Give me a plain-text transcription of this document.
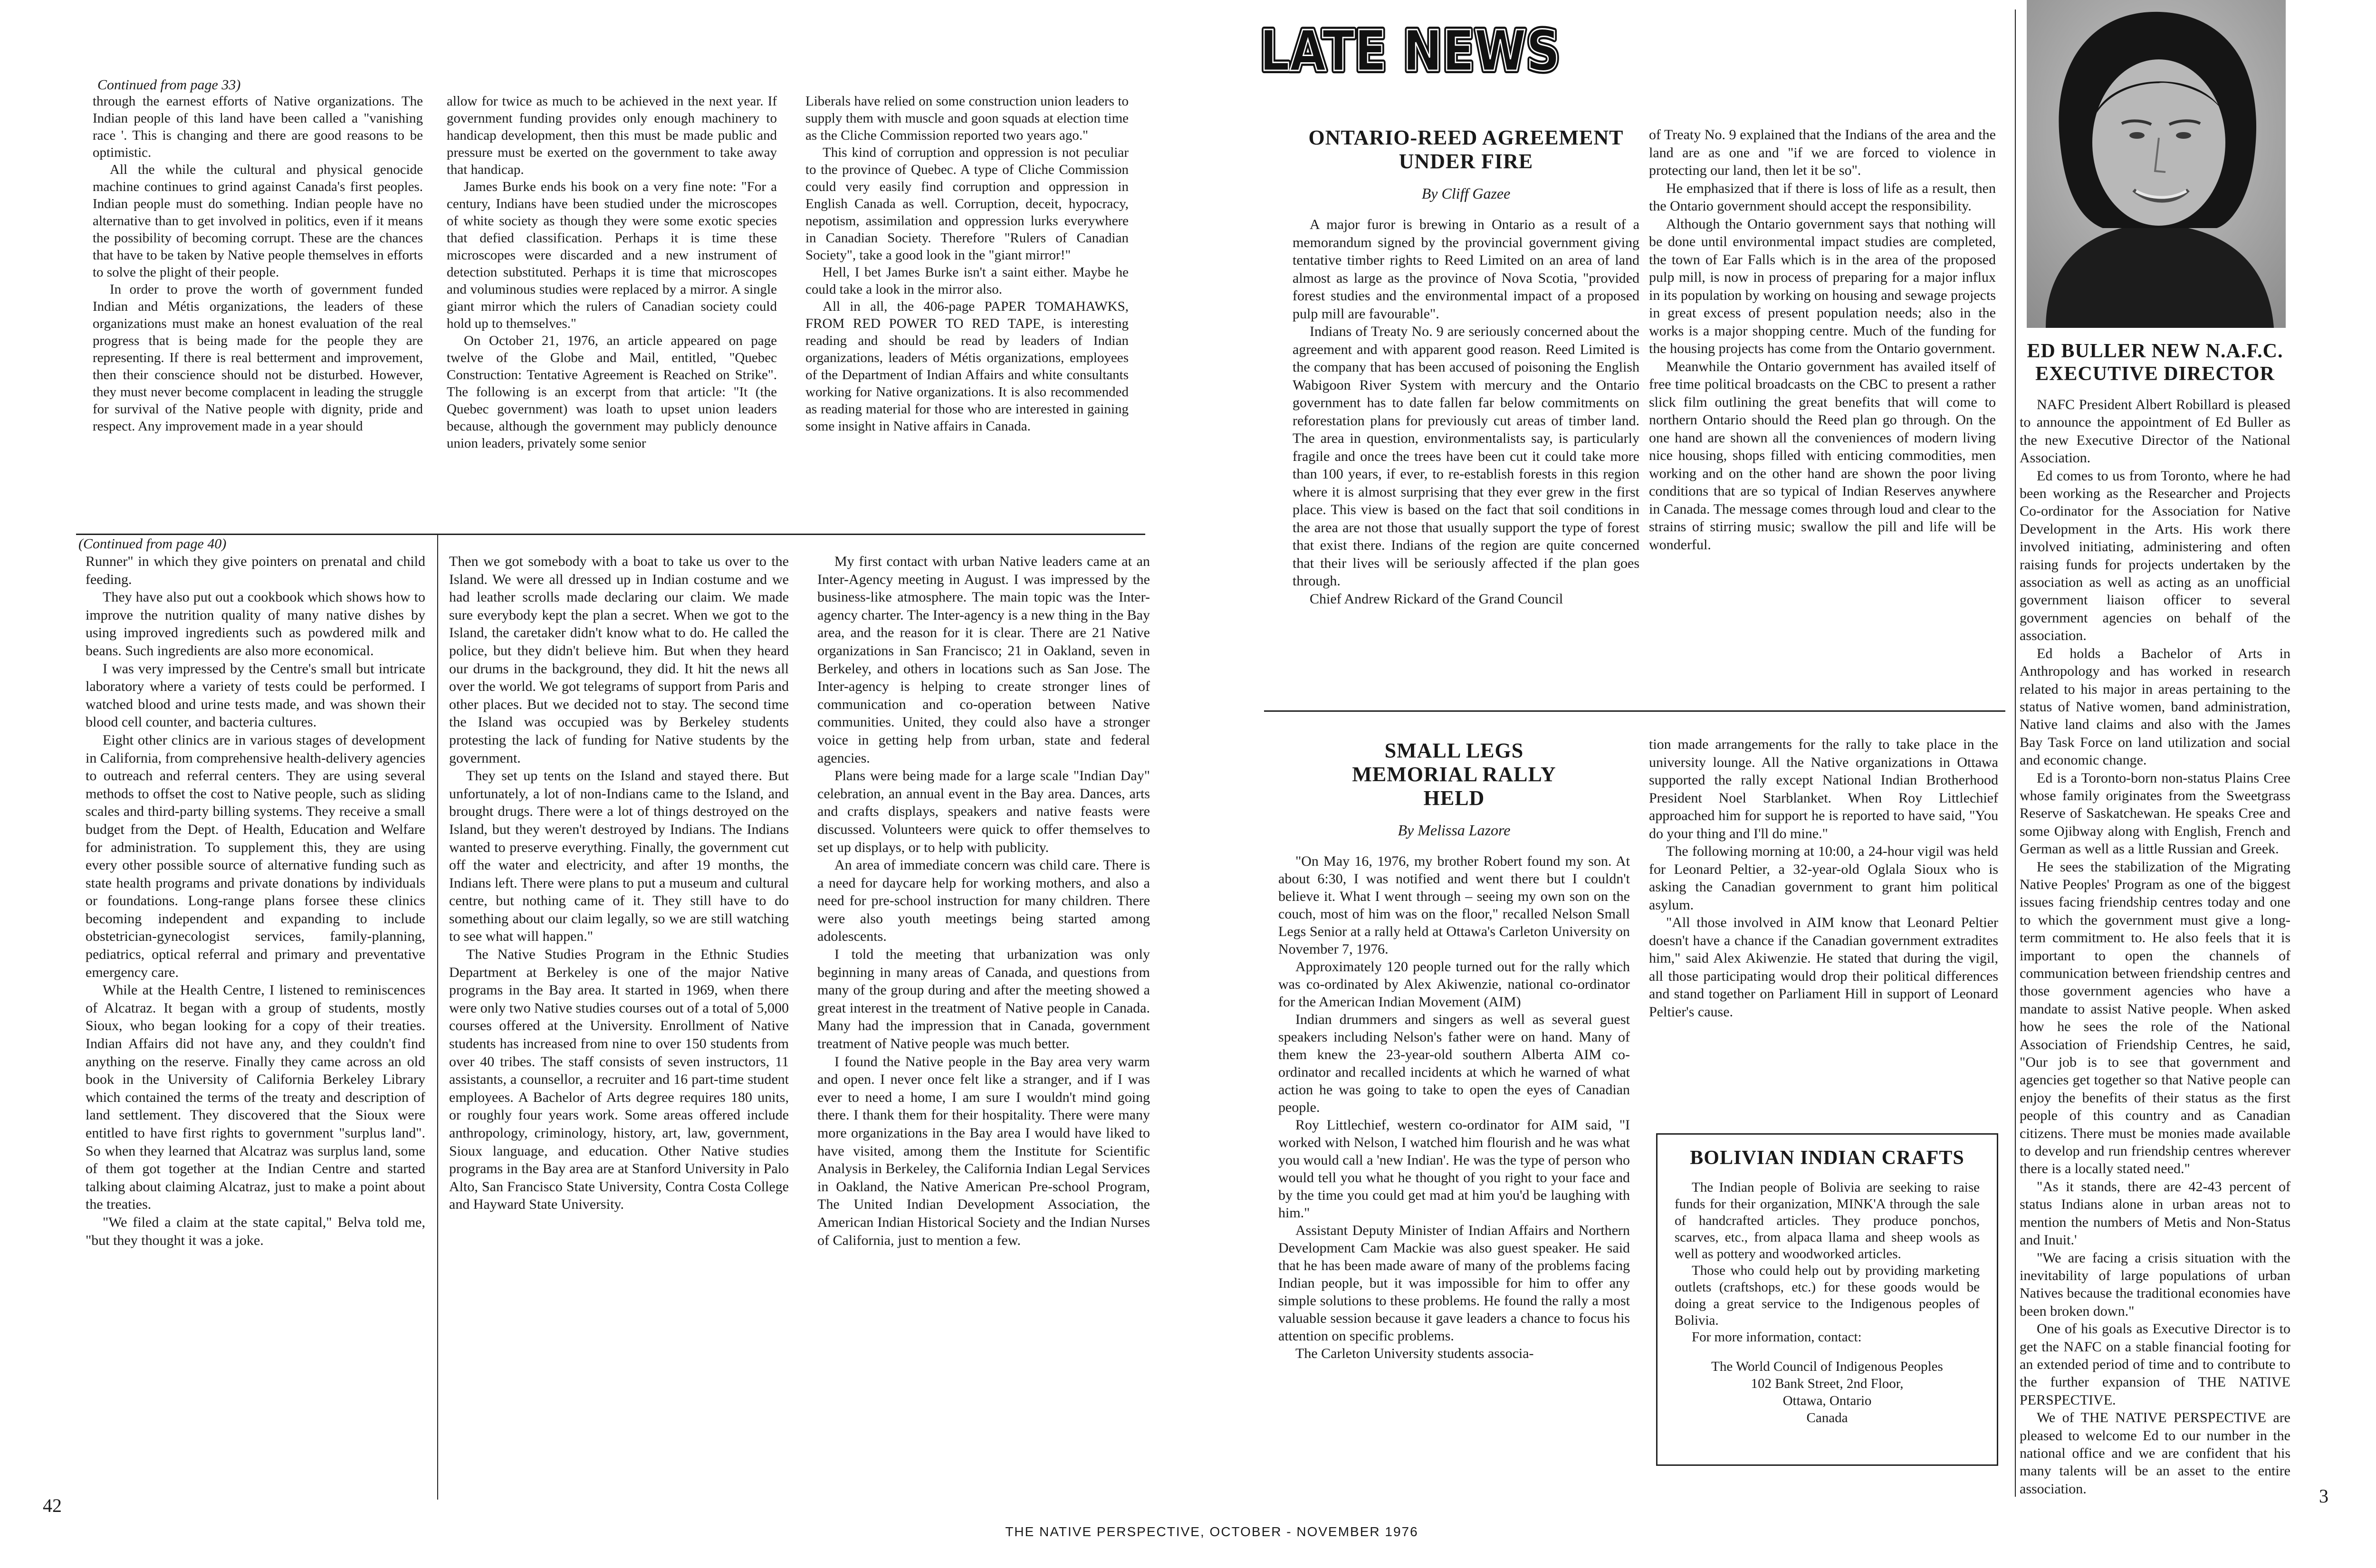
Continued from page 33)

through the earnest efforts of Native organizations. The Indian people of this land have been called a "vanishing race '. This is changing and there are good reasons to be optimistic.

All the while the cultural and physical genocide machine continues to grind against Canada's first peoples. Indian people must do something. Indian people have no alternative than to get involved in politics, even if it means the possibility of becoming corrupt. These are the chances that have to be taken by Native people themselves in efforts to solve the plight of their people.

In order to prove the worth of government funded Indian and Métis organizations, the leaders of these organizations must make an honest evaluation of the real progress that is being made for the people they are representing. If there is real betterment and improvement, then their conscience should not be disturbed. However, they must never become complacent in leading the struggle for survival of the Native people with dignity, pride and respect. Any improvement made in a year should

allow for twice as much to be achieved in the next year. If government funding provides only enough machinery to handicap development, then this must be made public and pressure must be exerted on the government to take away that handicap.

James Burke ends his book on a very fine note: "For a century, Indians have been studied under the microscopes of white society as though they were some exotic species that defied classification. Perhaps it is time these microscopes were discarded and a new instrument of detection substituted. Perhaps it is time that microscopes and voluminous studies were replaced by a mirror. A single giant mirror which the rulers of Canadian society could hold up to themselves."

On October 21, 1976, an article appeared on page twelve of the Globe and Mail, entitled, "Quebec Construction: Tentative Agreement is Reached on Strike". The following is an excerpt from that article: "It (the Quebec government) was loath to upset union leaders because, although the government may publicly denounce union leaders, privately some senior

Liberals have relied on some construction union leaders to supply them with muscle and goon squads at election time as the Cliche Commission reported two years ago."

This kind of corruption and oppression is not peculiar to the province of Quebec. A type of Cliche Commission could very easily find corruption and oppression in English Canada as well. Corruption, deceit, hypocracy, nepotism, assimilation and oppression lurks everywhere in Canadian Society. Therefore "Rulers of Canadian Society", take a good look in the "giant mirror!"

Hell, I bet James Burke isn't a saint either. Maybe he could take a look in the mirror also.

All in all, the 406-page PAPER TOMAHAWKS, FROM RED POWER TO RED TAPE, is interesting reading and should be read by leaders of Indian organizations, leaders of Métis organizations, employees of the Department of Indian Affairs and white consultants working for Native organizations. It is also recommended as reading material for those who are interested in gaining some insight in Native affairs in Canada.

(Continued from page 40)

Runner" in which they give pointers on prenatal and child feeding.

They have also put out a cookbook which shows how to improve the nutrition quality of many native dishes by using improved ingredients such as powdered milk and beans. Such ingredients are also more economical.

I was very impressed by the Centre's small but intricate laboratory where a variety of tests could be performed. I watched blood and urine tests made, and was shown their blood cell counter, and bacteria cultures.

Eight other clinics are in various stages of development in California, from comprehensive health-delivery agencies to outreach and referral centers. They are using several methods to offset the cost to Native people, such as sliding scales and third-party billing systems. They receive a small budget from the Dept. of Health, Education and Welfare for administration. To supplement this, they are using every other possible source of alternative funding such as state health programs and private donations by individuals or foundations. Long-range plans forsee these clinics becoming independent and expanding to include obstetrician-gynecologist services, family-planning, pediatrics, optical referral and primary and preventative emergency care.

While at the Health Centre, I listened to reminiscences of Alcatraz. It began with a group of students, mostly Sioux, who began looking for a copy of their treaties. Indian Affairs did not have any, and they couldn't find anything on the reserve. Finally they came across an old book in the University of California Berkeley Library which contained the terms of the treaty and description of land settlement. They discovered that the Sioux were entitled to have first rights to government "surplus land". So when they learned that Alcatraz was surplus land, some of them got together at the Indian Centre and started talking about claiming Alcatraz, just to make a point about the treaties.

"We filed a claim at the state capital," Belva told me, "but they thought it was a joke.

Then we got somebody with a boat to take us over to the Island. We were all dressed up in Indian costume and we had leather scrolls made declaring our claim. We made sure everybody kept the plan a secret. When we got to the Island, the caretaker didn't know what to do. He called the police, but they didn't believe him. But when they heard our drums in the background, they did. It hit the news all over the world. We got telegrams of support from Paris and other places. But we decided not to stay. The second time the Island was occupied was by Berkeley students protesting the lack of funding for Native students by the government.

They set up tents on the Island and stayed there. But unfortunately, a lot of non-Indians came to the Island, and brought drugs. There were a lot of things destroyed on the Island, but they weren't destroyed by Indians. The Indians wanted to preserve everything. Finally, the government cut off the water and electricity, and after 19 months, the Indians left. There were plans to put a museum and cultural centre, but nothing came of it. They still have to do something about our claim legally, so we are still watching to see what will happen."

The Native Studies Program in the Ethnic Studies Department at Berkeley is one of the major Native programs in the Bay area. It started in 1969, when there were only two Native studies courses out of a total of 5,000 courses offered at the University. Enrollment of Native students has increased from nine to over 150 students from over 40 tribes. The staff consists of seven instructors, 11 assistants, a counsellor, a recruiter and 16 part-time student employees. A Bachelor of Arts degree requires 180 units, or roughly four years work. Some areas offered include anthropology, criminology, history, art, law, government, Sioux language, and education. Other Native studies programs in the Bay area are at Stanford University in Palo Alto, San Francisco State University, Contra Costa College and Hayward State University.

My first contact with urban Native leaders came at an Inter-Agency meeting in August. I was impressed by the business-like atmosphere. The main topic was the Inter-agency charter. The Inter-agency is a new thing in the Bay area, and the reason for it is clear. There are 21 Native organizations in San Francisco; 21 in Oakland, seven in Berkeley, and others in locations such as San Jose. The Inter-agency is helping to create stronger lines of communication and co-operation between Native communities. United, they could also have a stronger voice in getting help from urban, state and federal agencies.

Plans were being made for a large scale "Indian Day" celebration, an annual event in the Bay area. Dances, arts and crafts displays, speakers and native feasts were discussed. Volunteers were quick to offer themselves to set up displays, or to help with publicity.

An area of immediate concern was child care. There is a need for daycare help for working mothers, and also a need for pre-school instruction for many children. There were also youth meetings being started among adolescents.

I told the meeting that urbanization was only beginning in many areas of Canada, and questions from many of the group during and after the meeting showed a great interest in the treatment of Native people in Canada. Many had the impression that in Canada, government treatment of Native people was much better.

I found the Native people in the Bay area very warm and open. I never once felt like a stranger, and if I was ever to need a home, I am sure I wouldn't mind going there. I thank them for their hospitality. There were many more organizations in the Bay area I would have liked to have visited, among them the Institute for Scientific Analysis in Berkeley, the California Indian Legal Services in Oakland, the Native American Pre-school Program, The United Indian Development Association, the American Indian Historical Society and the Indian Nurses of California, just to mention a few.

42
LATE NEWS
LATE NEWS
LATE NEWS
ONTARIO-REED AGREEMENT UNDER FIRE
By Cliff Gazee

A major furor is brewing in Ontario as a result of a memorandum signed by the provincial government giving tentative timber rights to Reed Limited on an area of land almost as large as the province of Nova Scotia, "provided forest studies and the environmental impact of a proposed pulp mill are favourable".

Indians of Treaty No. 9 are seriously concerned about the agreement and with apparent good reason. Reed Limited is the company that has been accused of poisoning the English Wabigoon River System with mercury and the Ontario government has to date fallen far below commitments on reforestation plans for previously cut areas of timber land. The area in question, environmentalists say, is particularly fragile and once the trees have been cut it could take more than 100 years, if ever, to re-establish forests in this region where it is almost surprising that they ever grew in the first place. This view is based on the fact that soil conditions in the area are not those that usually support the type of forest that exist there. Indians of the region are quite concerned that their lives will be seriously affected if the plan goes through.

Chief Andrew Rickard of the Grand Council

of Treaty No. 9 explained that the Indians of the area and the land are as one and "if we are forced to violence in protecting our land, then let it be so".

He emphasized that if there is loss of life as a result, then the Ontario government should accept the responsibility.

Although the Ontario government says that nothing will be done until environmental impact studies are completed, the town of Ear Falls which is in the area of the proposed pulp mill, is now in process of preparing for a major influx in its population by working on housing and sewage projects in great excess of present population needs; also in the works is a major shopping centre. Much of the funding for the housing projects has come from the Ontario government.

Meanwhile the Ontario government has availed itself of free time political broadcasts on the CBC to present a rather slick film outlining the great benefits that will come to northern Ontario should the Reed plan go through. On the one hand are shown all the conveniences of modern living nice housing, shops filled with enticing commodities, men working and on the other hand are shown the poor living conditions that are so typical of Indian Reserves anywhere in Canada. The message comes through loud and clear to the strains of stirring music; swallow the pill and life will be wonderful.

SMALL LEGS MEMORIAL RALLY HELD
By Melissa Lazore

"On May 16, 1976, my brother Robert found my son. At about 6:30, I was notified and went there but I couldn't believe it. What I went through – seeing my own son on the couch, most of him was on the floor," recalled Nelson Small Legs Senior at a rally held at Ottawa's Carleton University on November 7, 1976.

Approximately 120 people turned out for the rally which was co-ordinated by Alex Akiwenzie, national co-ordinator for the American Indian Movement (AIM)

Indian drummers and singers as well as several guest speakers including Nelson's father were on hand. Many of them knew the 23-year-old southern Alberta AIM co-ordinator and recalled incidents at which he warned of what action he was going to take to open the eyes of Canadian people.

Roy Littlechief, western co-ordinator for AIM said, "I worked with Nelson, I watched him flourish and he was what you would call a 'new Indian'. He was the type of person who would tell you what he thought of you right to your face and by the time you could get mad at him you'd be laughing with him."

Assistant Deputy Minister of Indian Affairs and Northern Development Cam Mackie was also guest speaker. He said that he has been made aware of many of the problems facing Indian people, but it was impossible for him to offer any simple solutions to these problems. He found the rally a most valuable session because it gave leaders a chance to focus his attention on specific problems.

The Carleton University students associa-

tion made arrangements for the rally to take place in the university lounge. All the Native organizations in Ottawa supported the rally except National Indian Brotherhood President Noel Starblanket. When Roy Littlechief approached him for support he is reported to have said, "You do your thing and I'll do mine."

The following morning at 10:00, a 24-hour vigil was held for Leonard Peltier, a 32-year-old Oglala Sioux who is asking the Canadian government to grant him political asylum.

"All those involved in AIM know that Leonard Peltier doesn't have a chance if the Canadian government extradites him," said Alex Akiwenzie. He stated that during the vigil, all those participating would drop their political differences and stand together on Parliament Hill in support of Leonard Peltier's cause.

BOLIVIAN INDIAN CRAFTS

The Indian people of Bolivia are seeking to raise funds for their organization, MINK'A through the sale of handcrafted articles. They produce ponchos, scarves, etc., from alpaca llama and sheep wools as well as pottery and woodworked articles.

Those who could help out by providing marketing outlets (craftshops, etc.) for these goods would be doing a great service to the Indigenous peoples of Bolivia.

For more information, contact:

The World Council of Indigenous Peoples
102 Bank Street, 2nd Floor,
Ottawa, Ontario
Canada
ED BULLER NEW N.A.F.C. EXECUTIVE DIRECTOR

NAFC President Albert Robillard is pleased to announce the appointment of Ed Buller as the new Executive Director of the National Association.

Ed comes to us from Toronto, where he had been working as the Researcher and Projects Co-ordinator for the Association for Native Development in the Arts. His work there involved initiating, administering and often raising funds for projects undertaken by the association as well as acting as an unofficial government liaison officer to several government agencies on behalf of the association.

Ed holds a Bachelor of Arts in Anthropology and has worked in research related to his major in areas pertaining to the status of Native women, band administration, Native land claims and also with the James Bay Task Force on land utilization and social and economic change.

Ed is a Toronto-born non-status Plains Cree whose family originates from the Sweetgrass Reserve of Saskatchewan. He speaks Cree and some Ojibway along with English, French and German as well as a little Russian and Greek.

He sees the stabilization of the Migrating Native Peoples' Program as one of the biggest issues facing friendship centres today and one to which the government must give a long-term commitment to. He also feels that it is important to open the channels of communication between friendship centres and those government agencies who have a mandate to assist Native people. When asked how he sees the role of the National Association of Friendship Centres, he said, "Our job is to see that government and agencies get together so that Native people can enjoy the benefits of their status as the first people of this country and as Canadian citizens. There must be monies made available to develop and run friendship centres wherever there is a locally stated need."

"As it stands, there are 42-43 percent of status Indians alone in urban areas not to mention the numbers of Metis and Non-Status and Inuit.'

"We are facing a crisis situation with the inevitability of large populations of urban Natives because the traditional economies have been broken down."

One of his goals as Executive Director is to get the NAFC on a stable financial footing for an extended period of time and to contribute to the further expansion of THE NATIVE PERSPECTIVE.

We of THE NATIVE PERSPECTIVE are pleased to welcome Ed to our number in the national office and we are confident that his many talents will be an asset to the entire association.	3
THE NATIVE PERSPECTIVE, OCTOBER - NOVEMBER 1976
